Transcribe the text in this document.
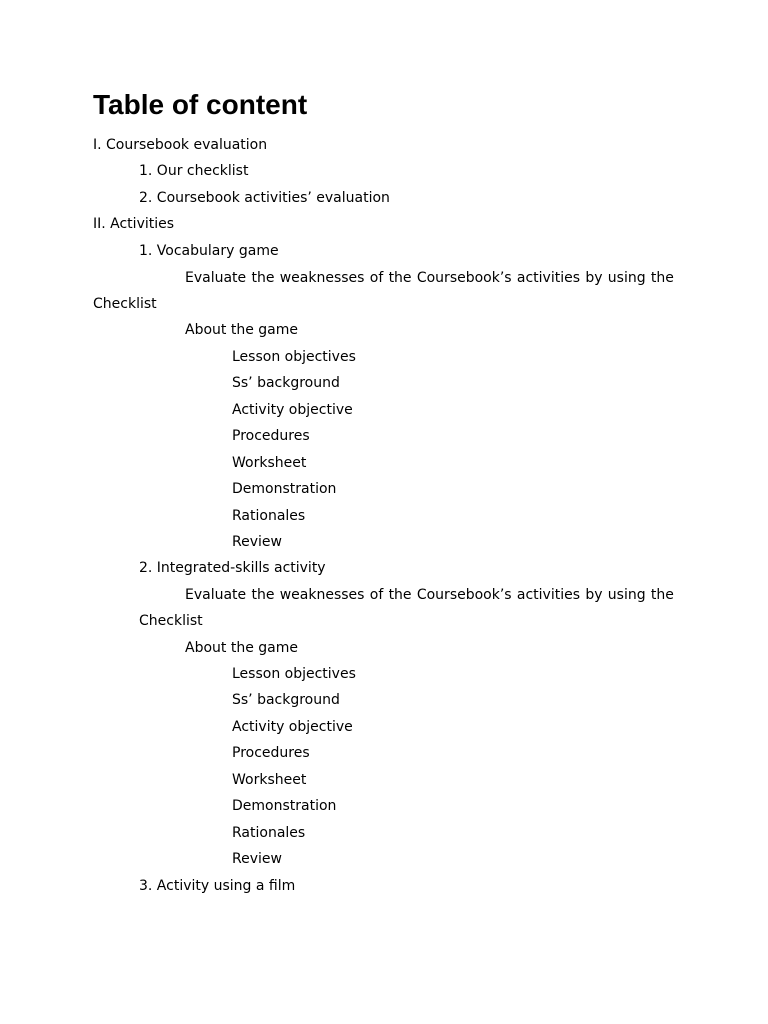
Table of content
I. Coursebook evaluation
1. Our checklist
2. Coursebook activities’ evaluation
II. Activities
1. Vocabulary game
Evaluate the weaknesses of the Coursebook’s activities by using the
Checklist
About the game
Lesson objectives
Ss’ background
Activity objective
Procedures
Worksheet
Demonstration
Rationales
Review
2. Integrated-skills activity
Evaluate the weaknesses of the Coursebook’s activities by using the
Checklist
About the game
Lesson objectives
Ss’ background
Activity objective
Procedures
Worksheet
Demonstration
Rationales
Review
3. Activity using a film
